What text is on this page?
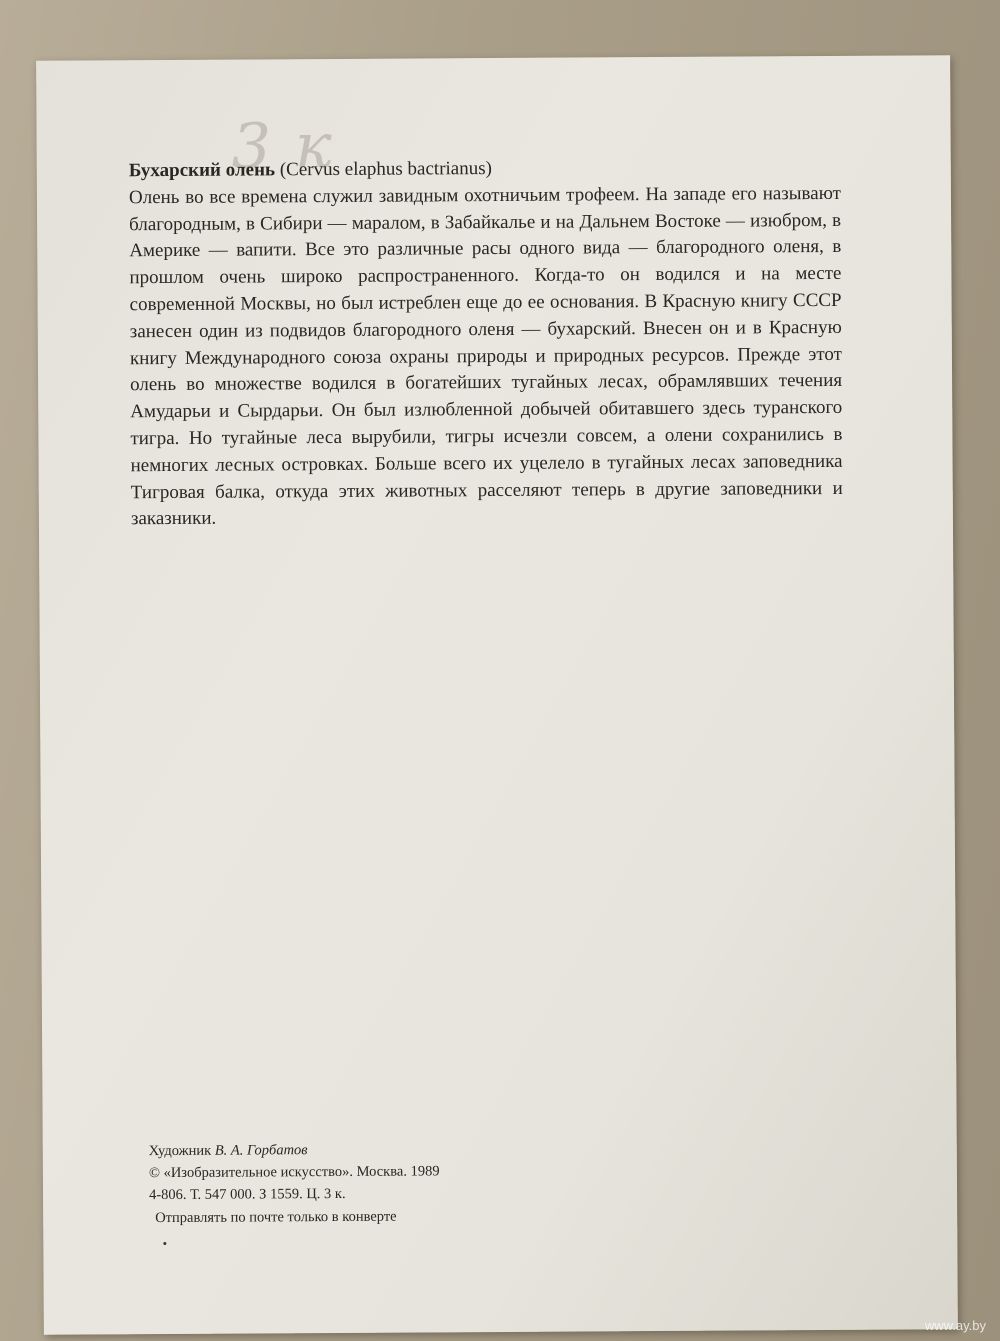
3 к
Бухарский олень (Cervus elaphus bactrianus)

Олень во все времена служил завидным охотничьим трофеем. На западе его называют благородным, в Сибири — маралом, в Забайкалье и на Дальнем Востоке — изюбром, в Америке — вапити. Все это различные расы одного вида — благородного оленя, в прошлом очень широко распространенного. Когда-то он водился и на месте современной Москвы, но был истреблен еще до ее основания. В Красную книгу СССР занесен один из подвидов благородного оленя — бухарский. Внесен он и в Красную книгу Международного союза охраны природы и природных ресурсов. Прежде этот олень во множестве водился в богатейших тугайных лесах, обрамлявших течения Амударьи и Сырдарьи. Он был излюбленной добычей обитавшего здесь туранского тигра. Но тугайные леса вырубили, тигры исчезли совсем, а олени сохранились в немногих лесных островках. Больше всего их уцелело в тугайных лесах заповедника Тигровая балка, откуда этих животных расселяют теперь в другие заповедники и заказники.

Художник В. А. Горбатов
© «Изобразительное искусство». Москва. 1989
4-806. Т. 547 000. З 1559. Ц. 3 к.
Отправлять по почте только в конверте
www.ay.by
